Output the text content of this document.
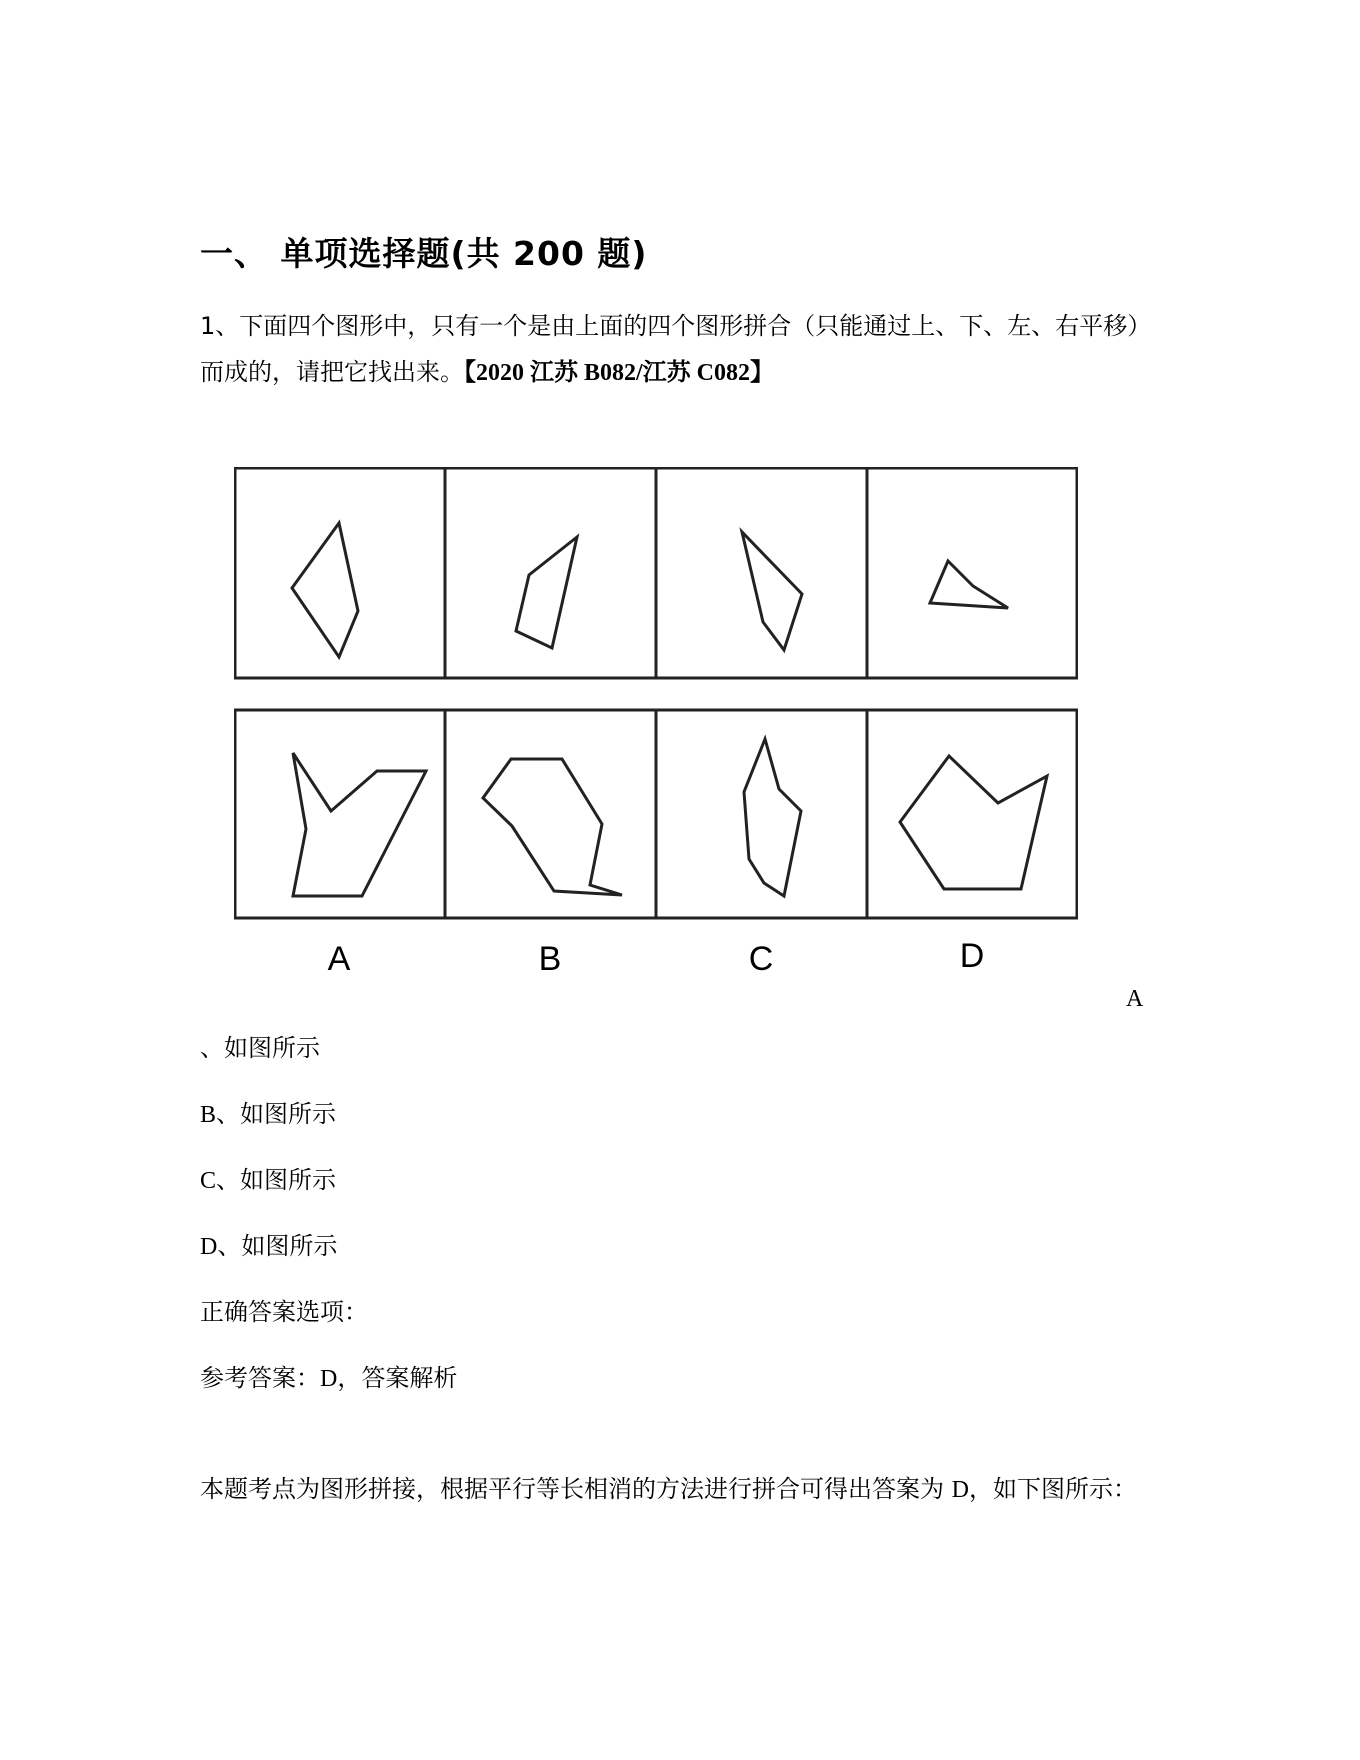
一、 单项选择题(共 200 题)
1、下面四个图形中，只有一个是由上面的四个图形拼合（只能通过上、下、左、右平移）而成的，请把它找出来。【2020 江苏 B082/江苏 C082】
A	B	C	D
A
、如图所示
B、如图所示
C、如图所示
D、如图所示
正确答案选项：
参考答案：D，答案解析
本题考点为图形拼接，根据平行等长相消的方法进行拼合可得出答案为 D，如下图所示：
